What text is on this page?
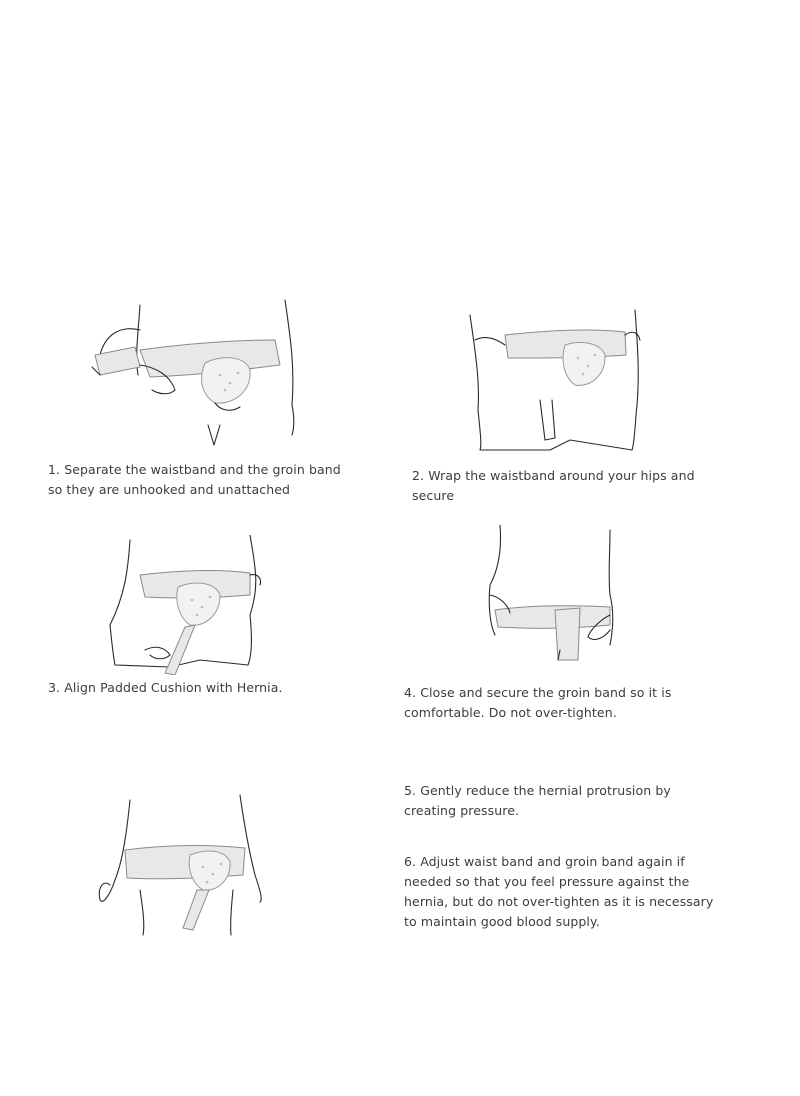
1. Separate the waistband and the groin band so they are unhooked and unattached
2. Wrap the waistband around your hips and secure
3. Align Padded Cushion with Hernia.	4. Close and secure the groin band so it is comfortable. Do not over-tighten.
5. Gently reduce the hernial protrusion by creating pressure.
6. Adjust waist band and groin band again if needed so that you feel pressure against the hernia, but do not over-tighten as it is necessary to maintain good blood supply.
